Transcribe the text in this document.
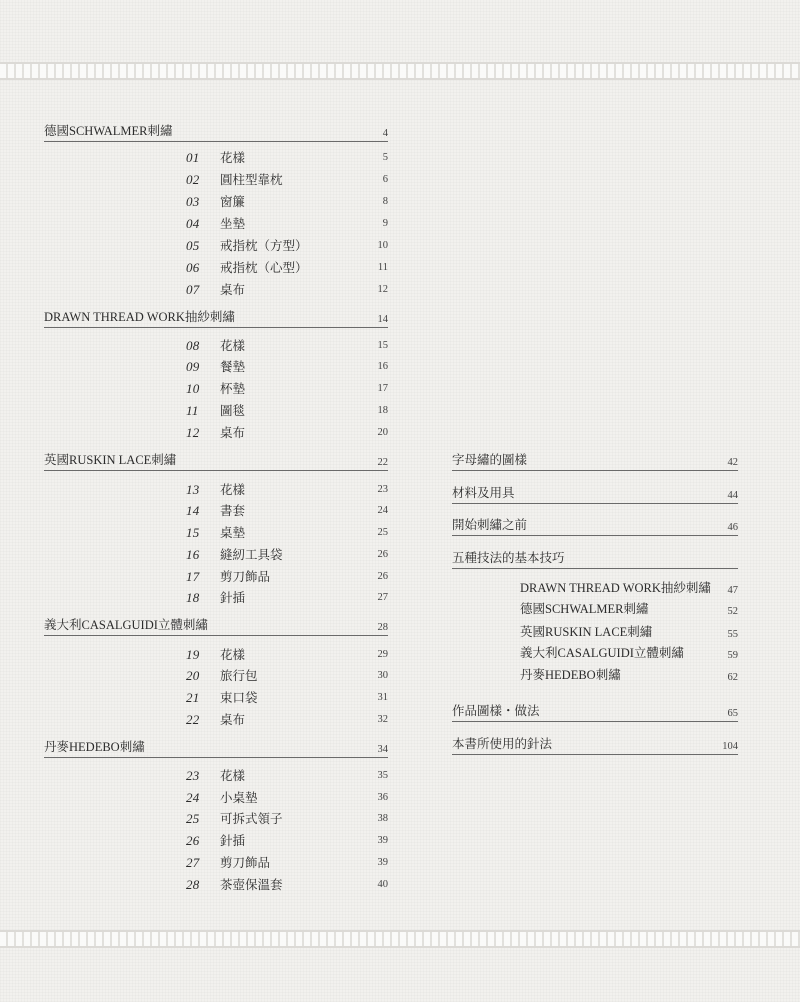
德國SCHWALMER刺繡	4
01	花樣	5
02	圓柱型靠枕	6
03	窗簾	8
04	坐墊	9
05	戒指枕（方型）	10
06	戒指枕（心型）	11
07	桌布	12
DRAWN THREAD WORK抽紗刺繡	14
08	花樣	15
09	餐墊	16
10	杯墊	17
11	圖毯	18
12	桌布	20
英國RUSKIN LACE刺繡	22
13	花樣	23
14	書套	24
15	桌墊	25
16	縫紉工具袋	26
17	剪刀飾品	26
18	針插	27
義大利CASALGUIDI立體刺繡	28
19	花樣	29
20	旅行包	30
21	束口袋	31
22	桌布	32
丹麥HEDEBO刺繡	34
23	花樣	35
24	小桌墊	36
25	可拆式領子	38
26	針插	39
27	剪刀飾品	39
28	茶壺保溫套	40
字母繡的圖樣	42
材料及用具	44
開始刺繡之前	46
五種技法的基本技巧
DRAWN THREAD WORK抽紗刺繡	47
德國SCHWALMER刺繡	52
英國RUSKIN LACE刺繡	55
義大利CASALGUIDI立體刺繡	59
丹麥HEDEBO刺繡	62
作品圖樣・做法	65
本書所使用的針法	104
